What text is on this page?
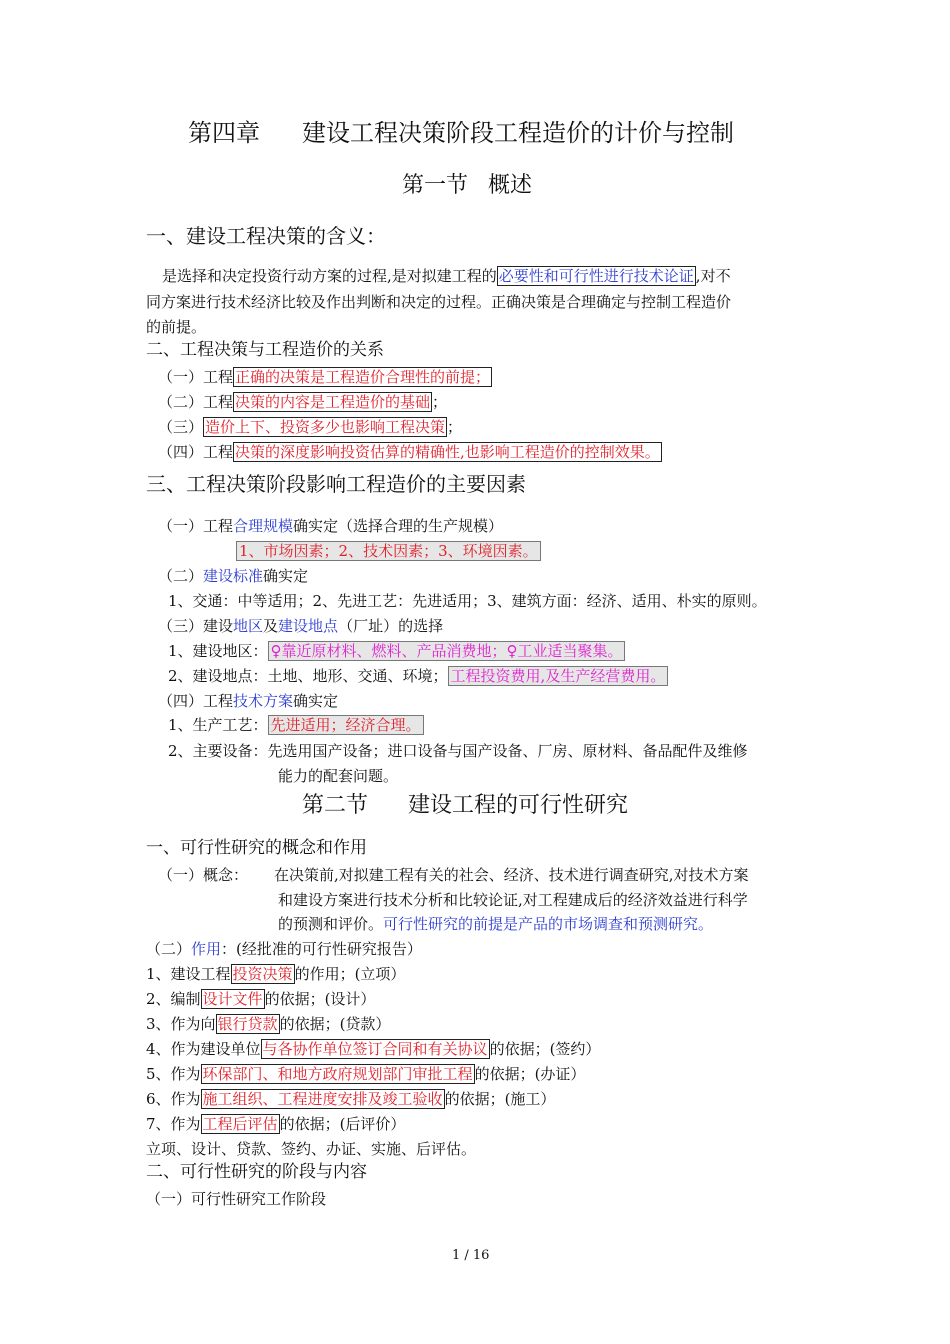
第四章 建设工程决策阶段工程造价的计价与控制
第一节 概述
一、建设工程决策的含义：
是选择和决定投资行动方案的过程,是对拟建工程的 必要性和可行性进行技术论证 ,对不
同方案进行技术经济比较及作出判断和决定的过程。正确决策是合理确定与控制工程造价
的前提。
二、工程决策与工程造价的关系
（一）工程 正确的决策是工程造价合理性的前提；
（二）工程 决策的内容是工程造价的基础 ；
（三） 造价上下、投资多少也影响工程决策 ；
（四）工程 决策的深度影响投资估算的精确性,也影响工程造价的控制效果。
三、工程决策阶段影响工程造价的主要因素
（一）工程合理规模确实定（选择合理的生产规模）
1、市场因素；2、技术因素；3、环境因素。
（二）建设标准确实定
1、交通：中等适用；2、先进工艺：先进适用；3、建筑方面：经济、适用、朴实的原则。
（三）建设地区及建设地点（厂址）的选择
1、建设地区： ♀靠近原材料、燃料、产品消费地；♀工业适当聚集。
2、建设地点：土地、地形、交通、环境； 工程投资费用,及生产经营费用。
（四）工程技术方案确实定
1、生产工艺： 先进适用；经济合理。
2、主要设备：先选用国产设备；进口设备与国产设备、厂房、原材料、备品配件及维修
能力的配套问题。
第二节 建设工程的可行性研究
一、可行性研究的概念和作用
（一）概念： 在决策前,对拟建工程有关的社会、经济、技术进行调查研究,对技术方案
和建设方案进行技术分析和比较论证,对工程建成后的经济效益进行科学
的预测和评价。可行性研究的前提是产品的市场调查和预测研究。
（二）作用：(经批准的可行性研究报告）
1、建设工程 投资决策 的作用；(立项）
2、编制 设计文件 的依据；(设计）
3、作为向 银行贷款 的依据；(贷款）
4、作为建设单位 与各协作单位签订合同和有关协议 的依据；(签约）
5、作为 环保部门、和地方政府规划部门审批工程 的依据；(办证）
6、作为 施工组织、工程进度安排及竣工验收 的依据；(施工）
7、作为 工程后评估 的依据；(后评价）
立项、设计、贷款、签约、办证、实施、后评估。
二、可行性研究的阶段与内容
（一）可行性研究工作阶段
1 / 16
